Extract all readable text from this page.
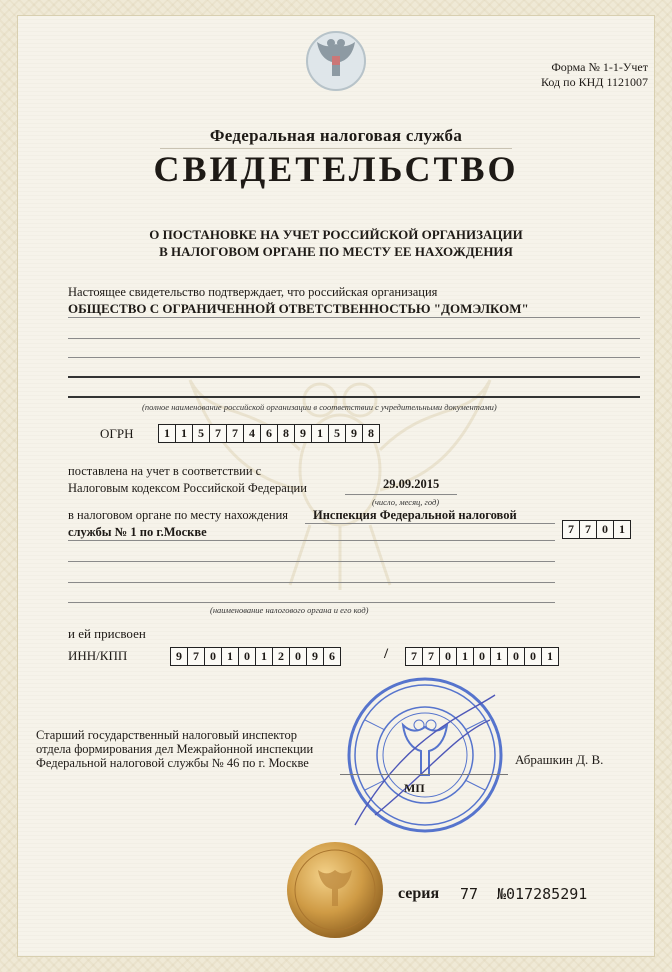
Форма № 1-1-Учет
Код по КНД 1121007
Федеральная налоговая служба
СВИДЕТЕЛЬСТВО
О ПОСТАНОВКЕ НА УЧЕТ РОССИЙСКОЙ ОРГАНИЗАЦИИ
В НАЛОГОВОМ ОРГАНЕ ПО МЕСТУ ЕЕ НАХОЖДЕНИЯ
Настоящее свидетельство подтверждает, что российская организация
ОБЩЕСТВО С ОГРАНИЧЕННОЙ ОТВЕТСТВЕННОСТЬЮ "ДОМЭЛКОМ"
(полное наименование российской организации в соответствии с учредительными документами)
ОГРН	1 1 5 7 7 4 6 8 9 1 5 9 8
поставлена на учет в соответствии с
Налоговым кодексом Российской Федерации	29.09.2015
(число, месяц, год)
в налоговом органе по месту нахождения Инспекция Федеральной налоговой
службы № 1 по г.Москве	7 7 0 1
(наименование налогового органа и его код)
и ей присвоен
ИНН/КПП	9 7 0 1 0 1 2 0 9 6	/	7 7 0 1 0 1 0 0 1
Старший государственный налоговый инспектор
отдела формирования дел Межрайонной инспекции
Федеральной налоговой службы № 46 по г. Москве	Абрашкин Д. В.
МП
серия 77 №017285291
